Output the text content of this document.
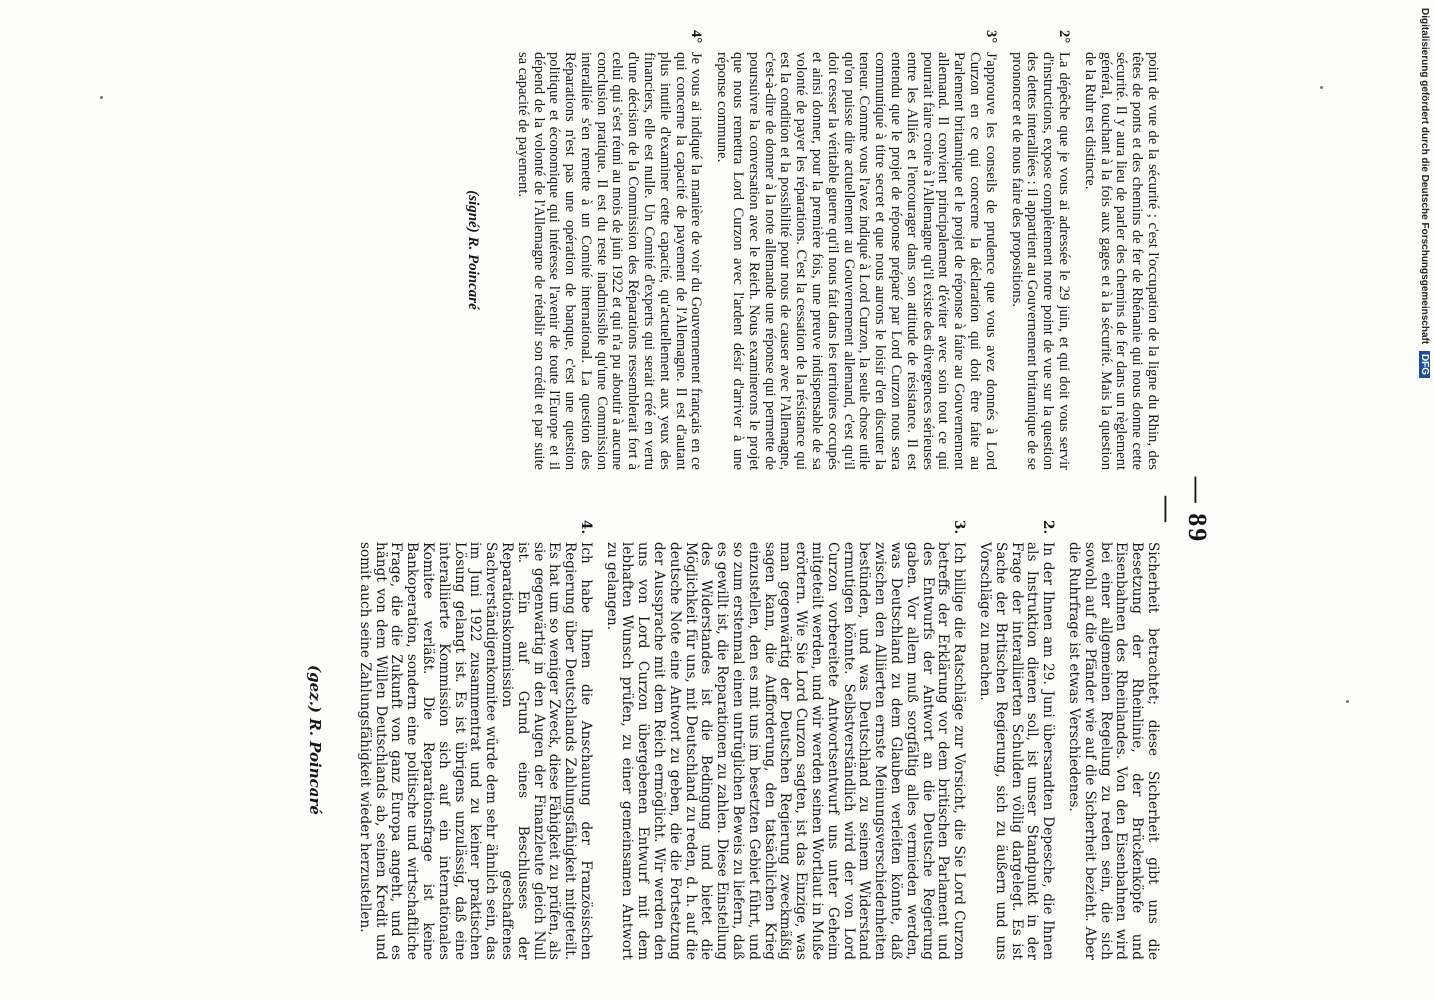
— 89 —

point de vue de la sécurité ; c'est l'occupation de la ligne du Rhin, des têtes de ponts et des chemins de fer de Rhénanie qui nous donne cette sécurité. Il y aura lieu de parler des chemins de fer dans un règlement général, touchant à la fois aux gages et à la sécurité. Mais la question de la Ruhr est distincte.

2°
La dépêche que je vous ai adressée le 29 juin, et qui doit vous servir d'instructions, expose complètement notre point de vue sur la question des dettes interalliées : il appartient au Gouvernement britannique de se prononcer et de nous faire des propositions.
3°
J'approuve les conseils de prudence que vous avez donnés à Lord Curzon en ce qui concerne la déclaration qui doit être faite au Parlement britannique et le projet de réponse à faire au Gouvernement allemand. Il convient principalement d'éviter avec soin tout ce qui pourrait faire croire à l'Allemagne qu'il existe des divergences sérieuses entre les Alliés et l'encourager dans son attitude de résistance. Il est entendu que le projet de réponse préparé par Lord Curzon nous sera communiqué à titre secret et que nous aurons le loisir d'en discuter la teneur. Comme vous l'avez indiqué à Lord Curzon, la seule chose utile qu'on puisse dire actuellement au Gouvernement allemand, c'est qu'il doit cesser la véritable guerre qu'il nous fait dans les territoires occupés et ainsi donner, pour la première fois, une preuve indispensable de sa volonté de payer les réparations. C'est la cessation de la résistance qui est la condition et la possibilité pour nous de causer avec l'Allemagne, c'est-à-dire de donner à la note allemande une réponse qui permette de poursuivre la conversation avec le Reich. Nous examinerons le projet que nous remettra Lord Curzon avec l'ardent désir d'arriver à une réponse commune.
4°
Je vous ai indiqué la manière de voir du Gouvernement français en ce qui concerne la capacité de payement de l'Allemagne. Il est d'autant plus inutile d'examiner cette capacité, qu'actuellement aux yeux des financiers, elle est nulle. Un Comité d'experts qui serait créé en vertu d'une décision de la Commission des Réparations ressemblerait fort à celui qui s'est réuni au mois de juin 1922 et qui n'a pu aboutir à aucune conclusion pratique. Il est du reste inadmissible qu'une Commission interalliée s'en remette à un Comité international. La question des Réparations n'est pas une opération de banque, c'est une question politique et économique qui intéresse l'avenir de toute l'Europe et il dépend de la volonté de l'Allemagne de rétablir son crédit et par suite sa capacité de payement.
(signé) R. Poincaré

Sicherheit betrachtet; diese Sicherheit gibt uns die Besetzung der Rheinlinie, der Brückenköpfe und Eisenbahnen des Rheinlandes. Von den Eisenbahnen wird bei einer allgemeinen Regelung zu reden sein, die sich sowohl auf die Pfänder wie auf die Sicherheit bezieht. Aber die Ruhrfrage ist etwas Verschiedenes.

2.
In der Ihnen am 29. Juni übersandten Depesche, die Ihnen als Instruktion dienen soll, ist unser Standpunkt in der Frage der interalliierten Schulden völlig dargelegt. Es ist Sache der Britischen Regierung, sich zu äußern und uns Vorschläge zu machen.
3.
Ich billige die Ratschläge zur Vorsicht, die Sie Lord Curzon betreffs der Erklärung vor dem britischen Parlament und des Entwurfs der Antwort an die Deutsche Regierung gaben. Vor allem muß sorgfältig alles vermieden werden, was Deutschland zu dem Glauben verleiten könnte, daß zwischen den Alliierten ernste Meinungsverschiedenheiten bestünden, und was Deutschland zu seinem Widerstand ermutigen könnte. Selbstverständlich wird der von Lord Curzon vorbereitete Antwortsentwurf uns unter Geheim mitgeteilt werden, und wir werden seinen Wortlaut in Muße erörtern. Wie Sie Lord Curzon sagten, ist das Einzige, was man gegenwärtig der Deutschen Regierung zweckmäßig sagen kann, die Aufforderung, den tatsächlichen Krieg einzustellen, den es mit uns im besetzten Gebiet führt, und so zum erstenmal einen untrüglichen Beweis zu liefern, daß es gewillt ist, die Reparationen zu zahlen. Diese Einstellung des Widerstandes ist die Bedingung und bietet die Möglichkeit für uns, mit Deutschland zu reden, d. h. auf die deutsche Note eine Antwort zu geben, die die Fortsetzung der Aussprache mit dem Reich ermöglicht. Wir werden den uns von Lord Curzon übergebenen Entwurf mit dem lebhaften Wunsch prüfen, zu einer gemeinsamen Antwort zu gelangen.
4.
Ich habe Ihnen die Anschauung der Französischen Regierung über Deutschlands Zahlungsfähigkeit mitgeteilt. Es hat um so weniger Zweck, diese Fähigkeit zu prüfen, als sie gegenwärtig in den Augen der Finanzleute gleich Null ist. Ein auf Grund eines Beschlusses der Reparationskommission geschaffenes Sachverständigenkomitee würde dem sehr ähnlich sein, das im Juni 1922 zusammentrat und zu keiner praktischen Lösung gelangt ist. Es ist übrigens unzulässig, daß eine interalliierte Kommission sich auf ein internationales Komitee verläßt. Die Reparationsfrage ist keine Bankoperation, sondern eine politische und wirtschaftliche Frage, die die Zukunft von ganz Europa angeht, und es hängt von dem Willen Deutschlands ab, seinen Kredit und somit auch seine Zahlungsfähigkeit wieder herzustellen.
(gez.) R. Poincaré
Digitalisierung gefördert durch die Deutsche Forschungsgemeinschaft DFG
